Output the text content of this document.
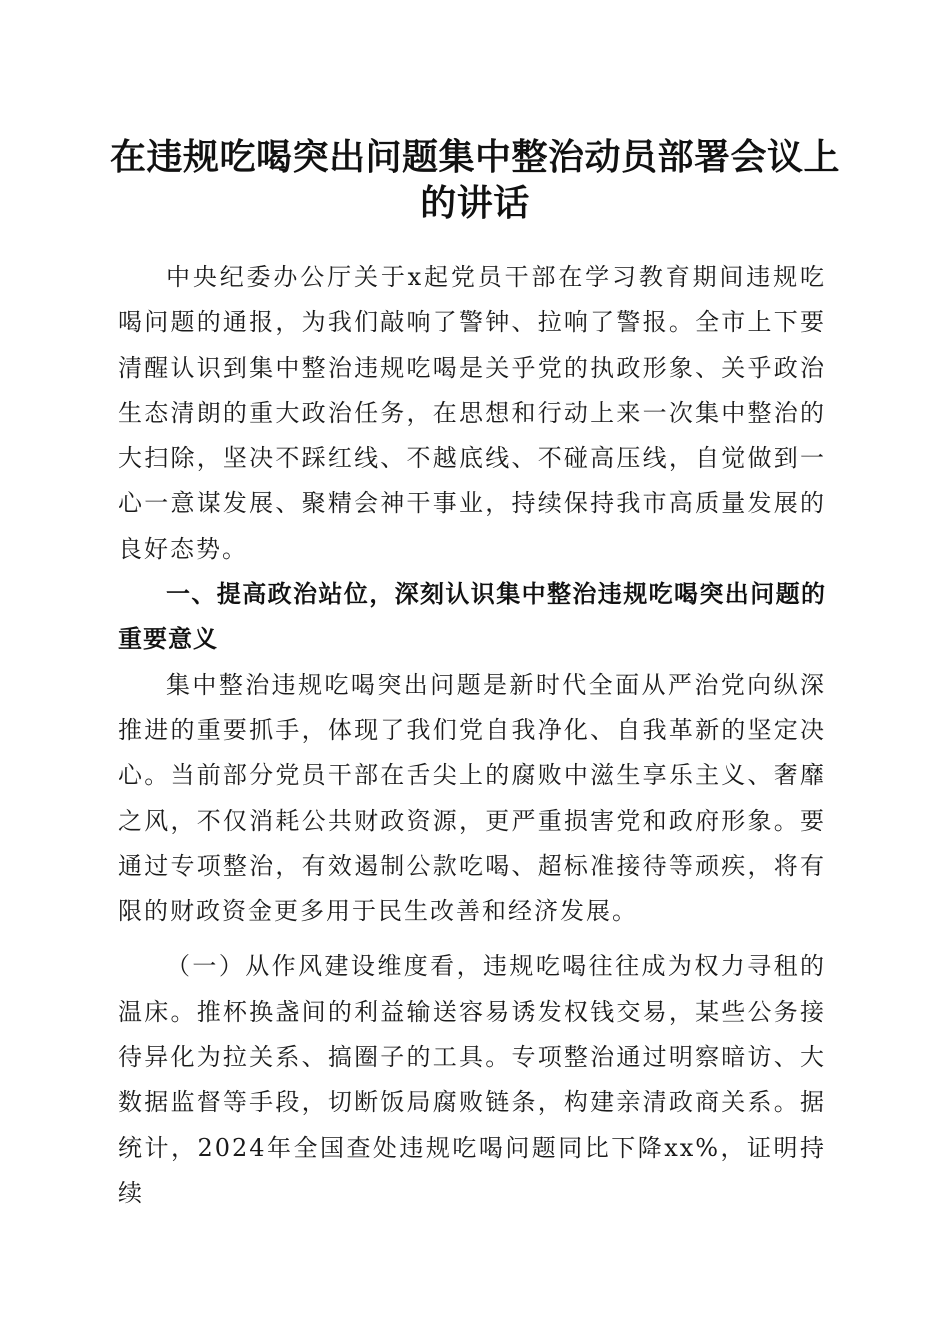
在违规吃喝突出问题集中整治动员部署会议上的讲话

中央纪委办公厅关于x起党员干部在学习教育期间违规吃喝问题的通报，为我们敲响了警钟、拉响了警报。全市上下要清醒认识到集中整治违规吃喝是关乎党的执政形象、关乎政治生态清朗的重大政治任务，在思想和行动上来一次集中整治的大扫除，坚决不踩红线、不越底线、不碰高压线，自觉做到一心一意谋发展、聚精会神干事业，持续保持我市高质量发展的良好态势。

一、提高政治站位，深刻认识集中整治违规吃喝突出问题的重要意义

集中整治违规吃喝突出问题是新时代全面从严治党向纵深推进的重要抓手，体现了我们党自我净化、自我革新的坚定决心。当前部分党员干部在舌尖上的腐败中滋生享乐主义、奢靡之风，不仅消耗公共财政资源，更严重损害党和政府形象。要通过专项整治，有效遏制公款吃喝、超标准接待等顽疾，将有限的财政资金更多用于民生改善和经济发展。

（一）从作风建设维度看，违规吃喝往往成为权力寻租的温床。推杯换盏间的利益输送容易诱发权钱交易，某些公务接待异化为拉关系、搞圈子的工具。专项整治通过明察暗访、大数据监督等手段，切断饭局腐败链条，构建亲清政商关系。据统计，2024年全国查处违规吃喝问题同比下降xx%，证明持续
